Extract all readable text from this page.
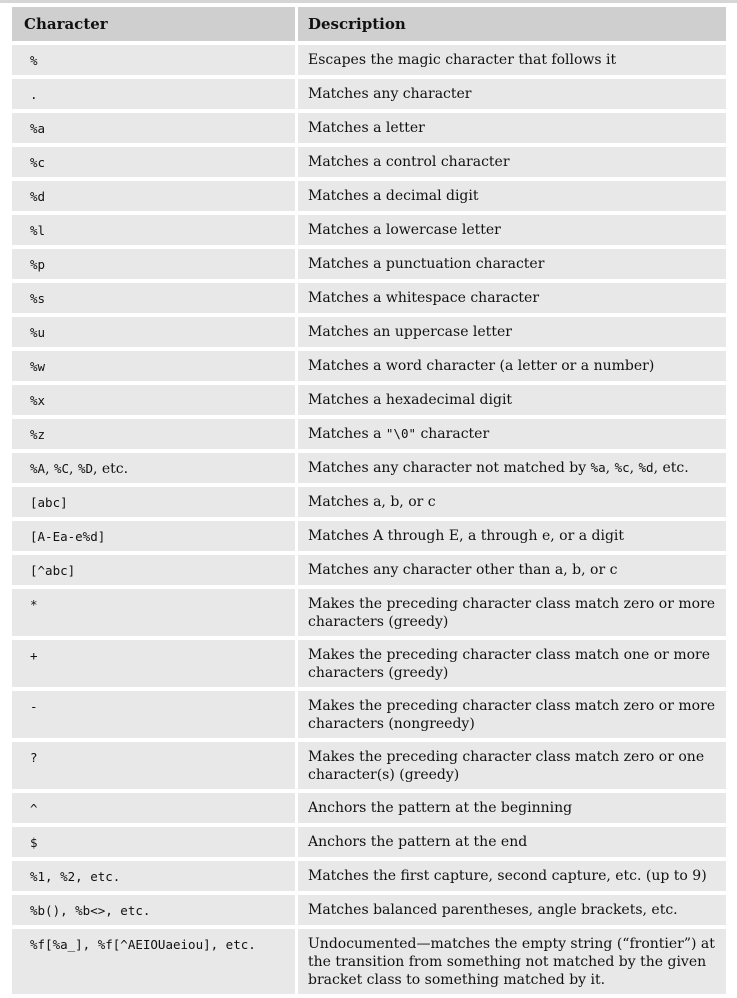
Character	Description
%	Escapes the magic character that follows it
.	Matches any character
%a	Matches a letter
%c	Matches a control character
%d	Matches a decimal digit
%l	Matches a lowercase letter
%p	Matches a punctuation character
%s	Matches a whitespace character
%u	Matches an uppercase letter
%w	Matches a word character (a letter or a number)
%x	Matches a hexadecimal digit
%z	Matches a "\0" character
%A, %C, %D, etc.	Matches any character not matched by %a, %c, %d, etc.
[abc]	Matches a, b, or c
[A-Ea-e%d]	Matches A through E, a through e, or a digit
[^abc]	Matches any character other than a, b, or c
*	Makes the preceding character class match zero or more characters (greedy)
+	Makes the preceding character class match one or more characters (greedy)
-	Makes the preceding character class match zero or more characters (nongreedy)
?	Makes the preceding character class match zero or one character(s) (greedy)
^	Anchors the pattern at the beginning
$	Anchors the pattern at the end
%1, %2, etc.	Matches the first capture, second capture, etc. (up to 9)
%b(), %b<>, etc.	Matches balanced parentheses, angle brackets, etc.
%f[%a_], %f[^AEIOUaeiou], etc.	Undocumented—matches the empty string (“frontier”) at the transition from something not matched by the given bracket class to something matched by it.
